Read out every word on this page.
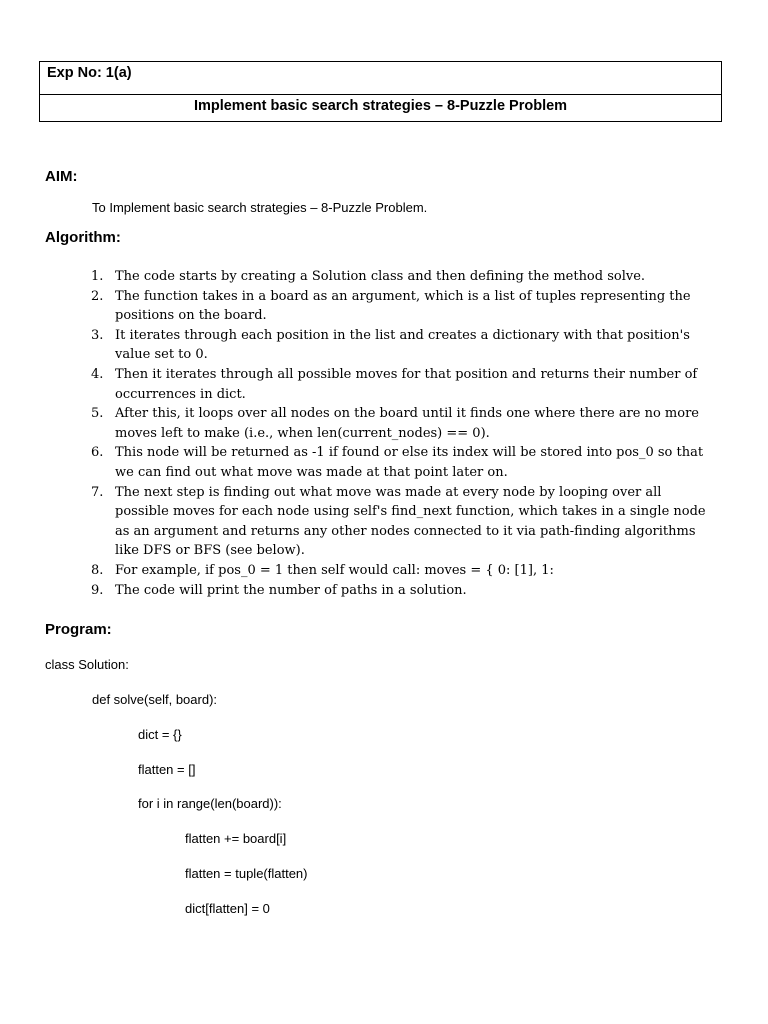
Exp No: 1(a)
Implement basic search strategies – 8-Puzzle Problem
AIM:
To Implement basic search strategies – 8-Puzzle Problem.
Algorithm:
1. The code starts by creating a Solution class and then defining the method solve.
2. The function takes in a board as an argument, which is a list of tuples representing the positions on the board.
3. It iterates through each position in the list and creates a dictionary with that position's value set to 0.
4. Then it iterates through all possible moves for that position and returns their number of occurrences in dict.
5. After this, it loops over all nodes on the board until it finds one where there are no more moves left to make (i.e., when len(current_nodes) == 0).
6. This node will be returned as -1 if found or else its index will be stored into pos_0 so that we can find out what move was made at that point later on.
7. The next step is finding out what move was made at every node by looping over all possible moves for each node using self's find_next function, which takes in a single node as an argument and returns any other nodes connected to it via path-finding algorithms like DFS or BFS (see below).
8. For example, if pos_0 = 1 then self would call: moves = { 0: [1], 1:
9. The code will print the number of paths in a solution.
Program:
class Solution:
def solve(self, board):
dict = {}
flatten = []
for i in range(len(board)):
flatten += board[i]
flatten = tuple(flatten)
dict[flatten] = 0
